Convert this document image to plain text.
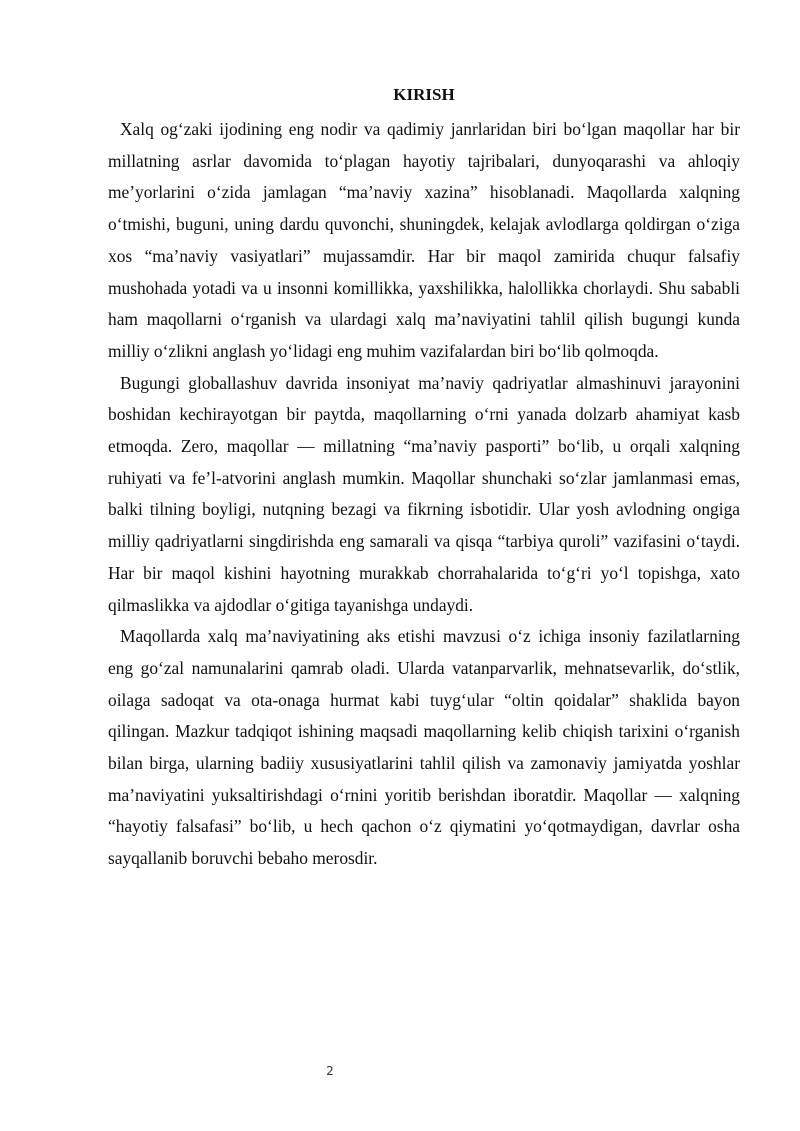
KIRISH

Xalq og‘zaki ijodining eng nodir va qadimiy janrlaridan biri bo‘lgan maqollar har bir millatning asrlar davomida to‘plagan hayotiy tajribalari, dunyoqarashi va ahloqiy me’yorlarini o‘zida jamlagan “ma’naviy xazina” hisoblanadi. Maqollarda xalqning o‘tmishi, buguni, uning dardu quvonchi, shuningdek, kelajak avlodlarga qoldirgan o‘ziga xos “ma’naviy vasiyatlari” mujassamdir. Har bir maqol zamirida chuqur falsafiy mushohada yotadi va u insonni komillikka, yaxshilikka, halollikka chorlaydi. Shu sababli ham maqollarni o‘rganish va ulardagi xalq ma’naviyatini tahlil qilish bugungi kunda milliy o‘zlikni anglash yo‘lidagi eng muhim vazifalardan biri bo‘lib qolmoqda.

Bugungi globallashuv davrida insoniyat ma’naviy qadriyatlar almashinuvi jarayonini boshidan kechirayotgan bir paytda, maqollarning o‘rni yanada dolzarb ahamiyat kasb etmoqda. Zero, maqollar — millatning “ma’naviy pasporti” bo‘lib, u orqali xalqning ruhiyati va fe’l-atvorini anglash mumkin. Maqollar shunchaki so‘zlar jamlanmasi emas, balki tilning boyligi, nutqning bezagi va fikrning isbotidir. Ular yosh avlodning ongiga milliy qadriyatlarni singdirishda eng samarali va qisqa “tarbiya quroli” vazifasini o‘taydi. Har bir maqol kishini hayotning murakkab chorrahalarida to‘g‘ri yo‘l topishga, xato qilmaslikka va ajdodlar o‘gitiga tayanishga undaydi.

Maqollarda xalq ma’naviyatining aks etishi mavzusi o‘z ichiga insoniy fazilatlarning eng go‘zal namunalarini qamrab oladi. Ularda vatanparvarlik, mehnatsevarlik, do‘stlik, oilaga sadoqat va ota-onaga hurmat kabi tuyg‘ular “oltin qoidalar” shaklida bayon qilingan. Mazkur tadqiqot ishining maqsadi maqollarning kelib chiqish tarixini o‘rganish bilan birga, ularning badiiy xususiyatlarini tahlil qilish va zamonaviy jamiyatda yoshlar ma’naviyatini yuksaltirishdagi o‘rnini yoritib berishdan iboratdir. Maqollar — xalqning “hayotiy falsafasi” bo‘lib, u hech qachon o‘z qiymatini yo‘qotmaydigan, davrlar osha sayqallanib boruvchi bebaho merosdir.

2
